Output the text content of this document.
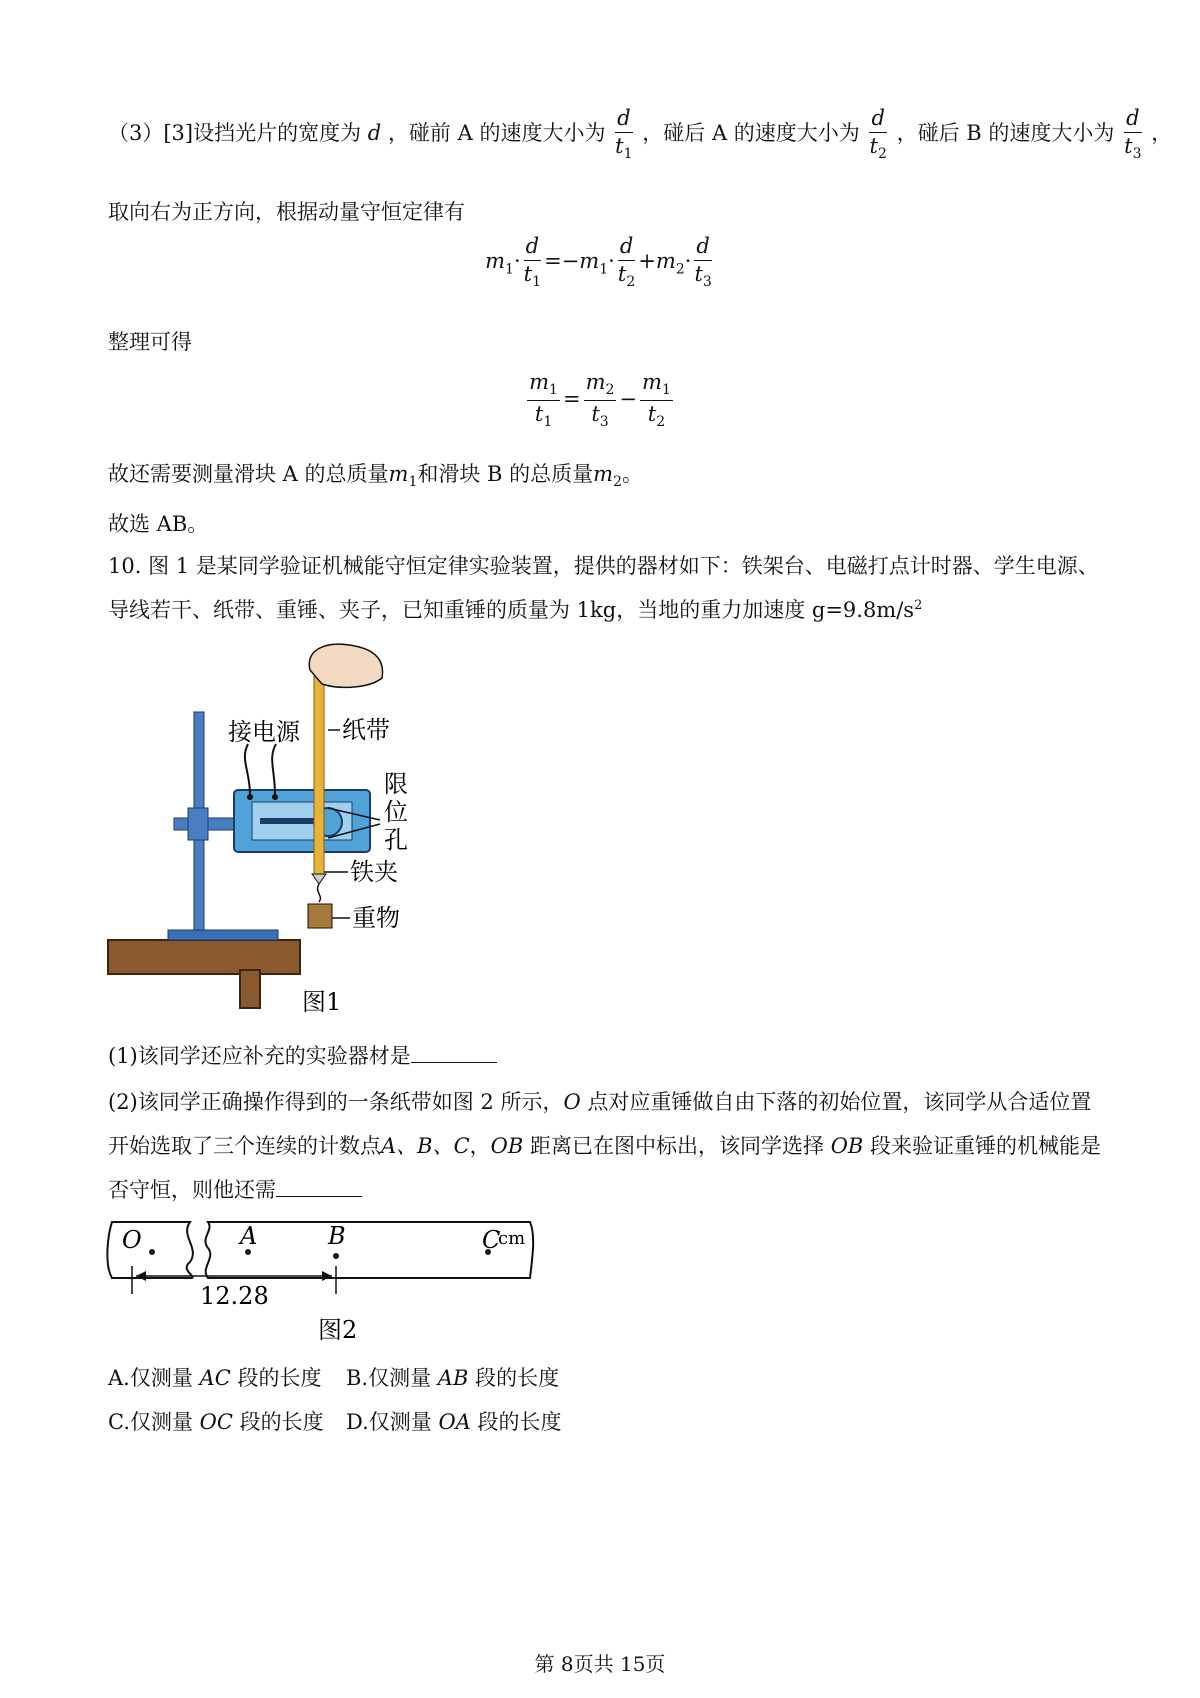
（3）[3]设挡光片的宽度为 d ，碰前 A 的速度大小为 $\frac{d}{t_1}$ ，碰后 A 的速度大小为 $\frac{d}{t_2}$ ，碰后 B 的速度大小为 $\frac{d}{t_3}$ ，
取向右为正方向，根据动量守恒定律有
$m_1\cdot \frac{d}{t_1} =-m_1\cdot \frac{d}{t_2} +m_2\cdot \frac{d}{t_3}$
整理可得
$\frac{m_1}{t_1} = \frac{m_2}{t_3} - \frac{m_1}{t_2}$
故还需要测量滑块 A 的总质量$m_1$和滑块 B 的总质量$m_2$。
故选 AB。
10. 图 1 是某同学验证机械能守恒定律实验装置，提供的器材如下：铁架台、电磁打点计时器、学生电源、
导线若干、纸带、重锤、夹子，已知重锤的质量为 1kg，当地的重力加速度 $g=9.8m/s^2$
接电源 纸带
限
位
孔
铁夹
重物
图1
(1)该同学还应补充的实验器材是
(2)该同学正确操作得到的一条纸带如图 2 所示，O 点对应重锤做自由下落的初始位置，该同学从合适位置
开始选取了三个连续的计数点A、B、C，OB 距离已在图中标出，该同学选择 OB 段来验证重锤的机械能是
否守恒，则他还需
O	A	B	C
cm
12.28
图2
A.仅测量 AC 段的长度 B.仅测量 AB 段的长度
C.仅测量 OC 段的长度 D.仅测量 OA 段的长度
第 8页共 15页
